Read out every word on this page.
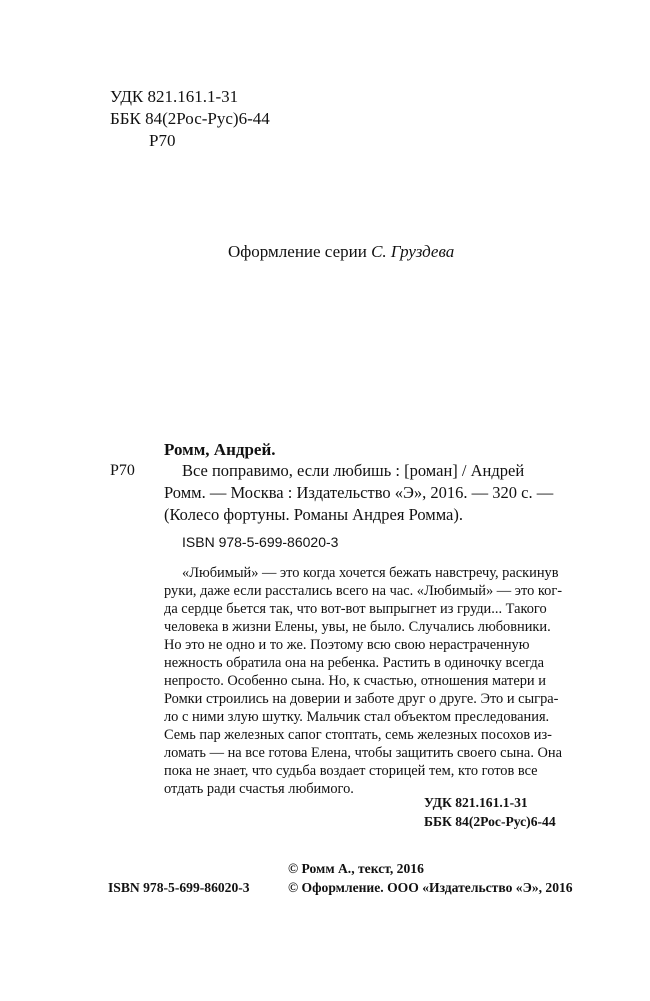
УДК 821.161.1-31
ББК 84(2Рос-Рус)6-44
Р70
Оформление серии С. Груздева
Ромм, Андрей.
Р70	Все поправимо, если любишь : [роман] / Андрей
Ромм. — Москва : Издательство «Э», 2016. — 320 с. —
(Колесо фортуны. Романы Андрея Ромма).
ISBN 978-5-699-86020-3
«Любимый» — это когда хочется бежать навстречу, раскинув
руки, даже если расстались всего на час. «Любимый» — это ког-
да сердце бьется так, что вот-вот выпрыгнет из груди... Такого
человека в жизни Елены, увы, не было. Случались любовники.
Но это не одно и то же. Поэтому всю свою нерастраченную
нежность обратила она на ребенка. Растить в одиночку всегда
непросто. Особенно сына. Но, к счастью, отношения матери и
Ромки строились на доверии и заботе друг о друге. Это и сыгра-
ло с ними злую шутку. Мальчик стал объектом преследования.
Семь пар железных сапог стоптать, семь железных посохов из-
ломать — на все готова Елена, чтобы защитить своего сына. Она
пока не знает, что судьба воздает сторицей тем, кто готов все
отдать ради счастья любимого.
УДК 821.161.1-31
ББК 84(2Рос-Рус)6-44
© Ромм А., текст, 2016
ISBN 978-5-699-86020-3	© Оформление. ООО «Издательство «Э», 2016
